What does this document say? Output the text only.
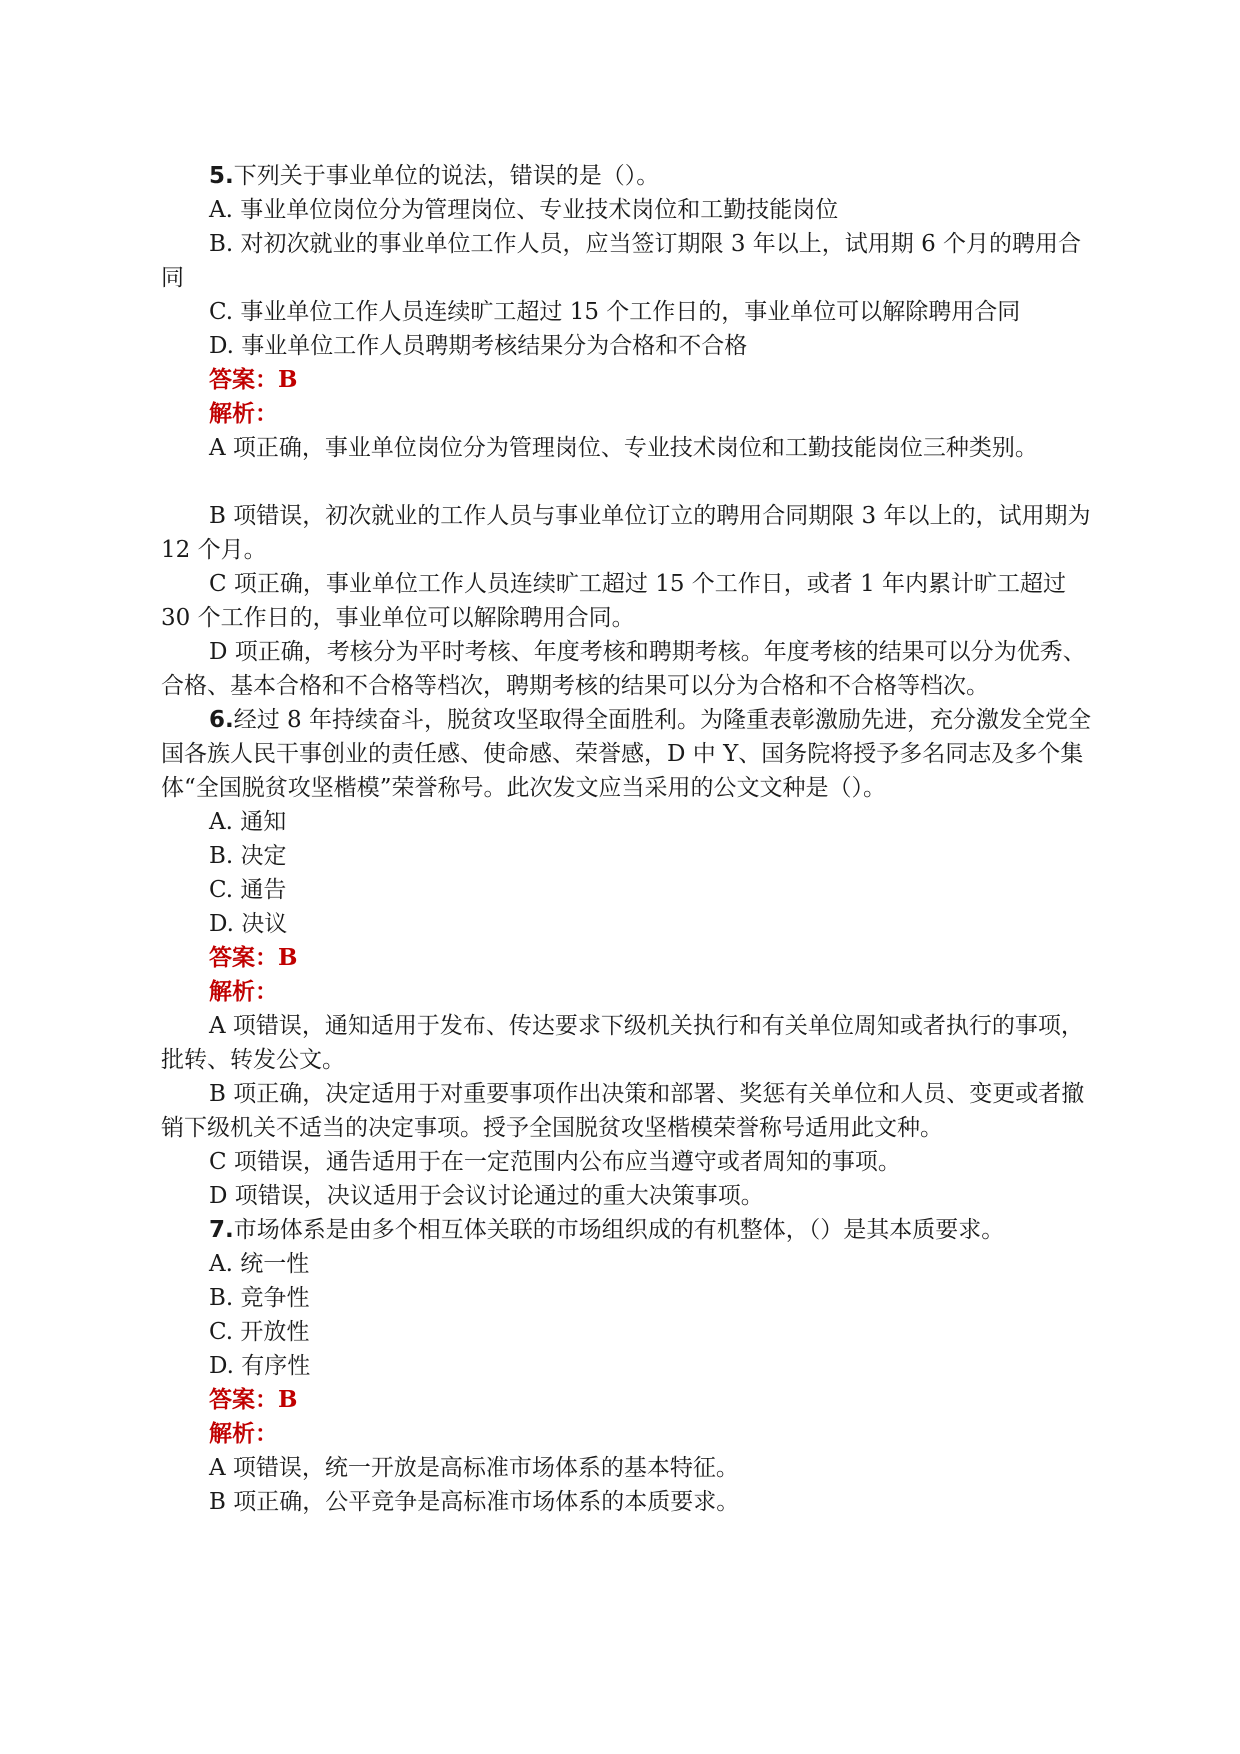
5.下列关于事业单位的说法，错误的是（）。

A. 事业单位岗位分为管理岗位、专业技术岗位和工勤技能岗位

B. 对初次就业的事业单位工作人员，应当签订期限 3 年以上，试用期 6 个月的聘用合同

C. 事业单位工作人员连续旷工超过 15 个工作日的，事业单位可以解除聘用合同

D. 事业单位工作人员聘期考核结果分为合格和不合格

答案：B

解析：

A 项正确，事业单位岗位分为管理岗位、专业技术岗位和工勤技能岗位三种类别。

B 项错误，初次就业的工作人员与事业单位订立的聘用合同期限 3 年以上的，试用期为 12 个月。

C 项正确，事业单位工作人员连续旷工超过 15 个工作日，或者 1 年内累计旷工超过 30 个工作日的，事业单位可以解除聘用合同。

D 项正确，考核分为平时考核、年度考核和聘期考核。年度考核的结果可以分为优秀、合格、基本合格和不合格等档次，聘期考核的结果可以分为合格和不合格等档次。

6.经过 8 年持续奋斗，脱贫攻坚取得全面胜利。为隆重表彰激励先进，充分激发全党全国各族人民干事创业的责任感、使命感、荣誉感，D 中 Y、国务院将授予多名同志及多个集体“全国脱贫攻坚楷模”荣誉称号。此次发文应当采用的公文文种是（）。

A. 通知

B. 决定

C. 通告

D. 决议

答案：B

解析：

A 项错误，通知适用于发布、传达要求下级机关执行和有关单位周知或者执行的事项，批转、转发公文。

B 项正确，决定适用于对重要事项作出决策和部署、奖惩有关单位和人员、变更或者撤销下级机关不适当的决定事项。授予全国脱贫攻坚楷模荣誉称号适用此文种。

C 项错误，通告适用于在一定范围内公布应当遵守或者周知的事项。

D 项错误，决议适用于会议讨论通过的重大决策事项。

7.市场体系是由多个相互体关联的市场组织成的有机整体，（）是其本质要求。

A. 统一性

B. 竞争性

C. 开放性

D. 有序性

答案：B

解析：

A 项错误，统一开放是高标准市场体系的基本特征。

B 项正确，公平竞争是高标准市场体系的本质要求。
